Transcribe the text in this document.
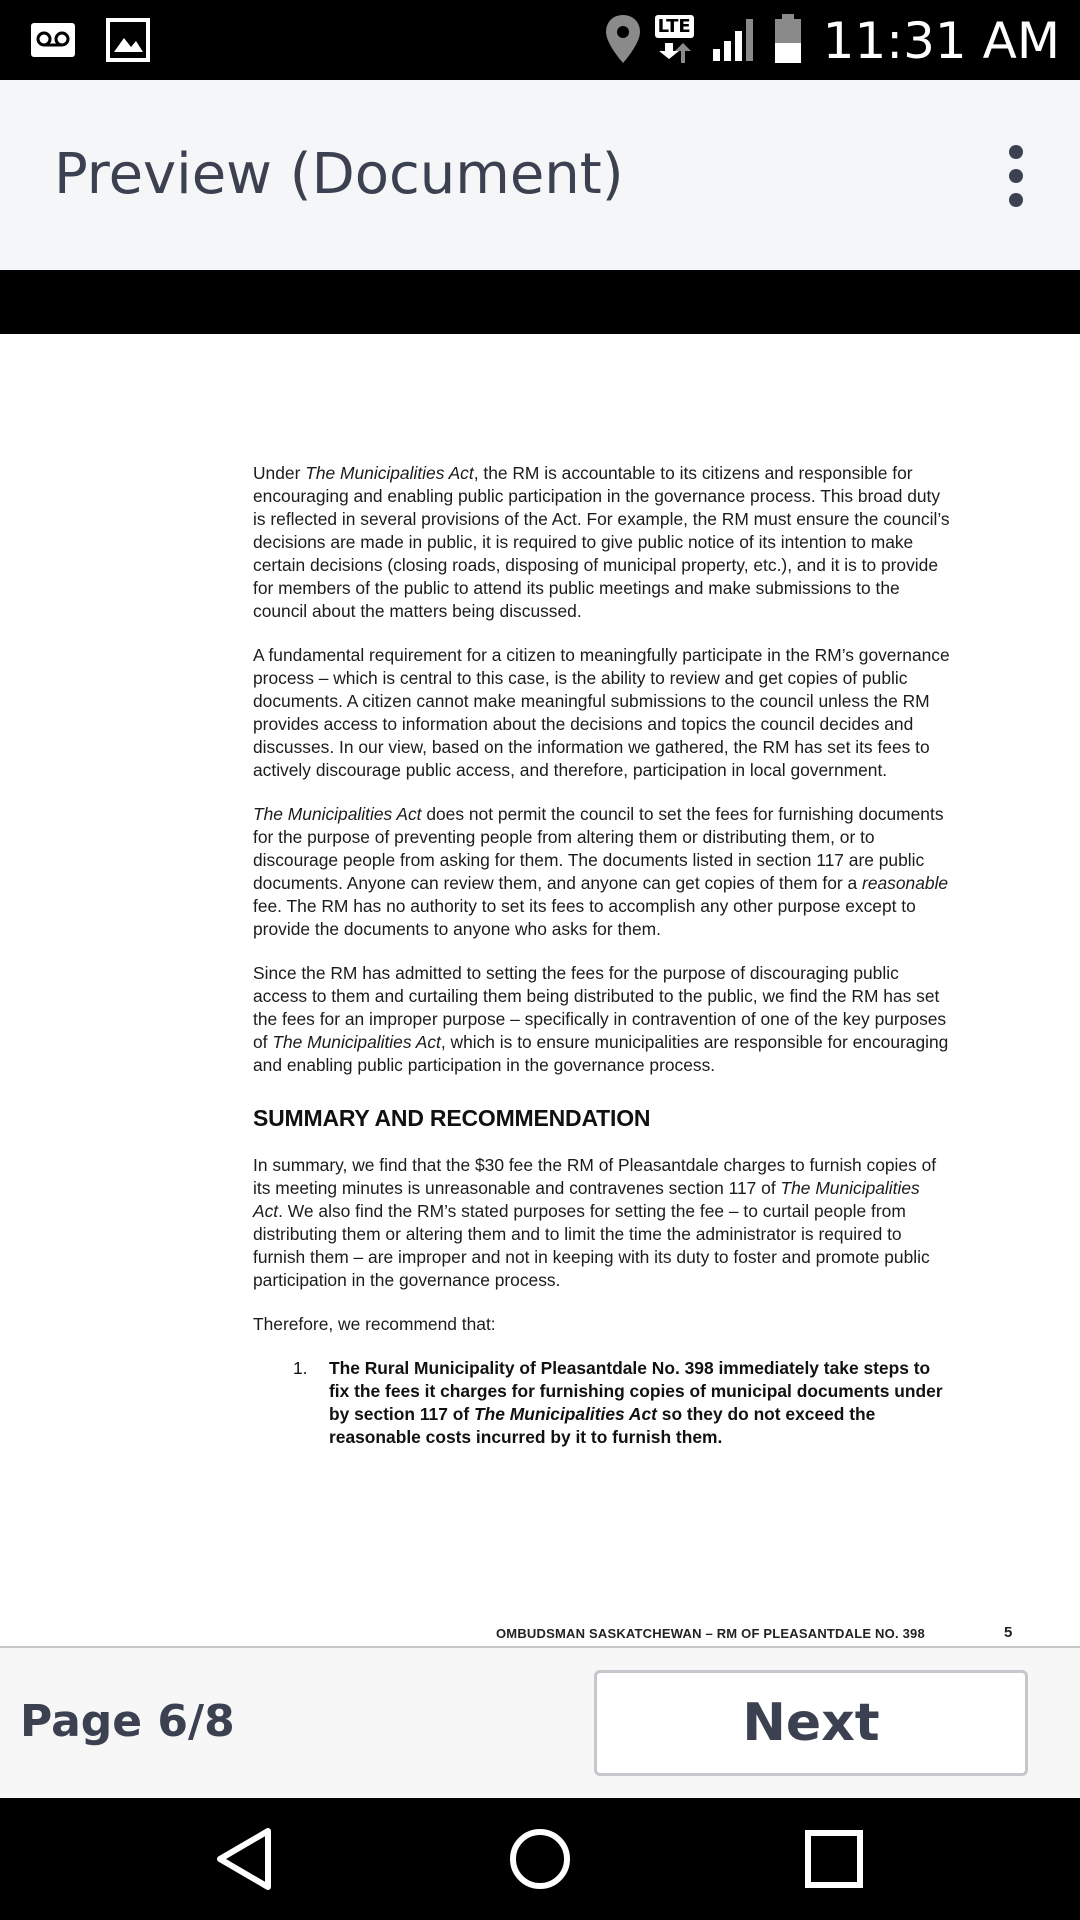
LTE	11:31 AM
Preview (Document)

Under The Municipalities Act, the RM is accountable to its citizens and responsible for encouraging and enabling public participation in the governance process. This broad duty is reflected in several provisions of the Act. For example, the RM must ensure the council’s decisions are made in public, it is required to give public notice of its intention to make certain decisions (closing roads, disposing of municipal property, etc.), and it is to provide for members of the public to attend its public meetings and make submissions to the council about the matters being discussed.

A fundamental requirement for a citizen to meaningfully participate in the RM’s governance process – which is central to this case, is the ability to review and get copies of public documents. A citizen cannot make meaningful submissions to the council unless the RM provides access to information about the decisions and topics the council decides and discusses. In our view, based on the information we gathered, the RM has set its fees to actively discourage public access, and therefore, participation in local government.

The Municipalities Act does not permit the council to set the fees for furnishing documents for the purpose of preventing people from altering them or distributing them, or to discourage people from asking for them. The documents listed in section 117 are public documents. Anyone can review them, and anyone can get copies of them for a reasonable fee. The RM has no authority to set its fees to accomplish any other purpose except to provide the documents to anyone who asks for them.

Since the RM has admitted to setting the fees for the purpose of discouraging public access to them and curtailing them being distributed to the public, we find the RM has set the fees for an improper purpose – specifically in contravention of one of the key purposes of The Municipalities Act, which is to ensure municipalities are responsible for encouraging and enabling public participation in the governance process.

SUMMARY AND RECOMMENDATION

In summary, we find that the $30 fee the RM of Pleasantdale charges to furnish copies of its meeting minutes is unreasonable and contravenes section 117 of The Municipalities Act. We also find the RM’s stated purposes for setting the fee – to curtail people from distributing them or altering them and to limit the time the administrator is required to furnish them – are improper and not in keeping with its duty to foster and promote public participation in the governance process.

Therefore, we recommend that:

1.	The Rural Municipality of Pleasantdale No. 398 immediately take steps to fix the fees it charges for furnishing copies of municipal documents under by section 117 of The Municipalities Act so they do not exceed the reasonable costs incurred by it to furnish them.
OMBUDSMAN SASKATCHEWAN – RM OF PLEASANTDALE NO. 398	5
Page 6/8	Next
